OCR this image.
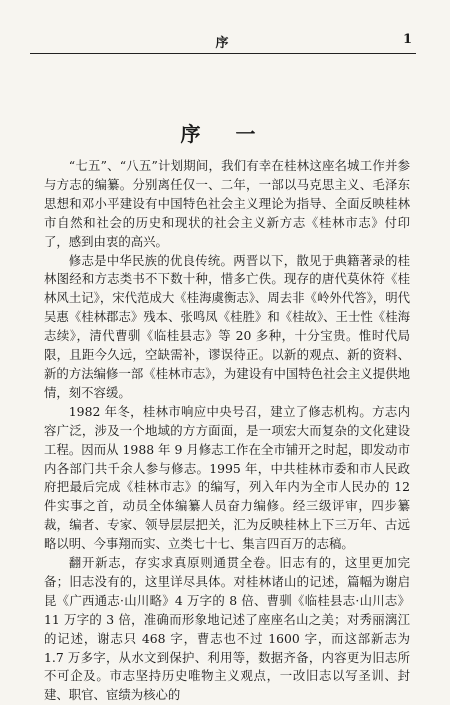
序	1
序 一

“七五”、“八五”计划期间，我们有幸在桂林这座名城工作并参与方志的编纂。分别离任仅一、二年，一部以马克思主义、毛泽东思想和邓小平建设有中国特色社会主义理论为指导、全面反映桂林市自然和社会的历史和现状的社会主义新方志《桂林市志》付印了，感到由衷的高兴。

修志是中华民族的优良传统。两晋以下，散见于典籍著录的桂林图经和方志类书不下数十种，惜多亡佚。现存的唐代莫休符《桂林风土记》，宋代范成大《桂海虞衡志》、周去非《岭外代答》，明代吴惠《桂林郡志》残本、张鸣凤《桂胜》和《桂故》、王士性《桂海志续》，清代曹驯《临桂县志》等 20 多种，十分宝贵。惟时代局限，且距今久远，空缺需补，谬误待正。以新的观点、新的资料、新的方法编修一部《桂林市志》，为建设有中国特色社会主义提供地情，刻不容缓。

1982 年冬，桂林市响应中央号召，建立了修志机构。方志内容广泛，涉及一个地域的方方面面，是一项宏大而复杂的文化建设工程。因而从 1988 年 9 月修志工作在全市铺开之时起，即发动市内各部门共千余人参与修志。1995 年，中共桂林市委和市人民政府把最后完成《桂林市志》的编写，列入年内为全市人民办的 12 件实事之首，动员全体编纂人员奋力编修。经三级评审，四步纂裁，编者、专家、领导层层把关，汇为反映桂林上下三万年、古远略以明、今事翔而实、立类七十七、集言四百万的志稿。

翻开新志，存实求真原则通贯全卷。旧志有的，这里更加完备；旧志没有的，这里详尽具体。对桂林诸山的记述，篇幅为谢启昆《广西通志·山川略》4 万字的 8 倍、曹驯《临桂县志·山川志》11 万字的 3 倍，准确而形象地记述了座座名山之美；对秀丽漓江的记述，谢志只 468 字，曹志也不过 1600 字，而这部新志为 1.7 万多字，从水文到保护、利用等，数据齐备，内容更为旧志所不可企及。市志坚持历史唯物主义观点，一改旧志以写圣训、封建、职官、宦绩为核心的
